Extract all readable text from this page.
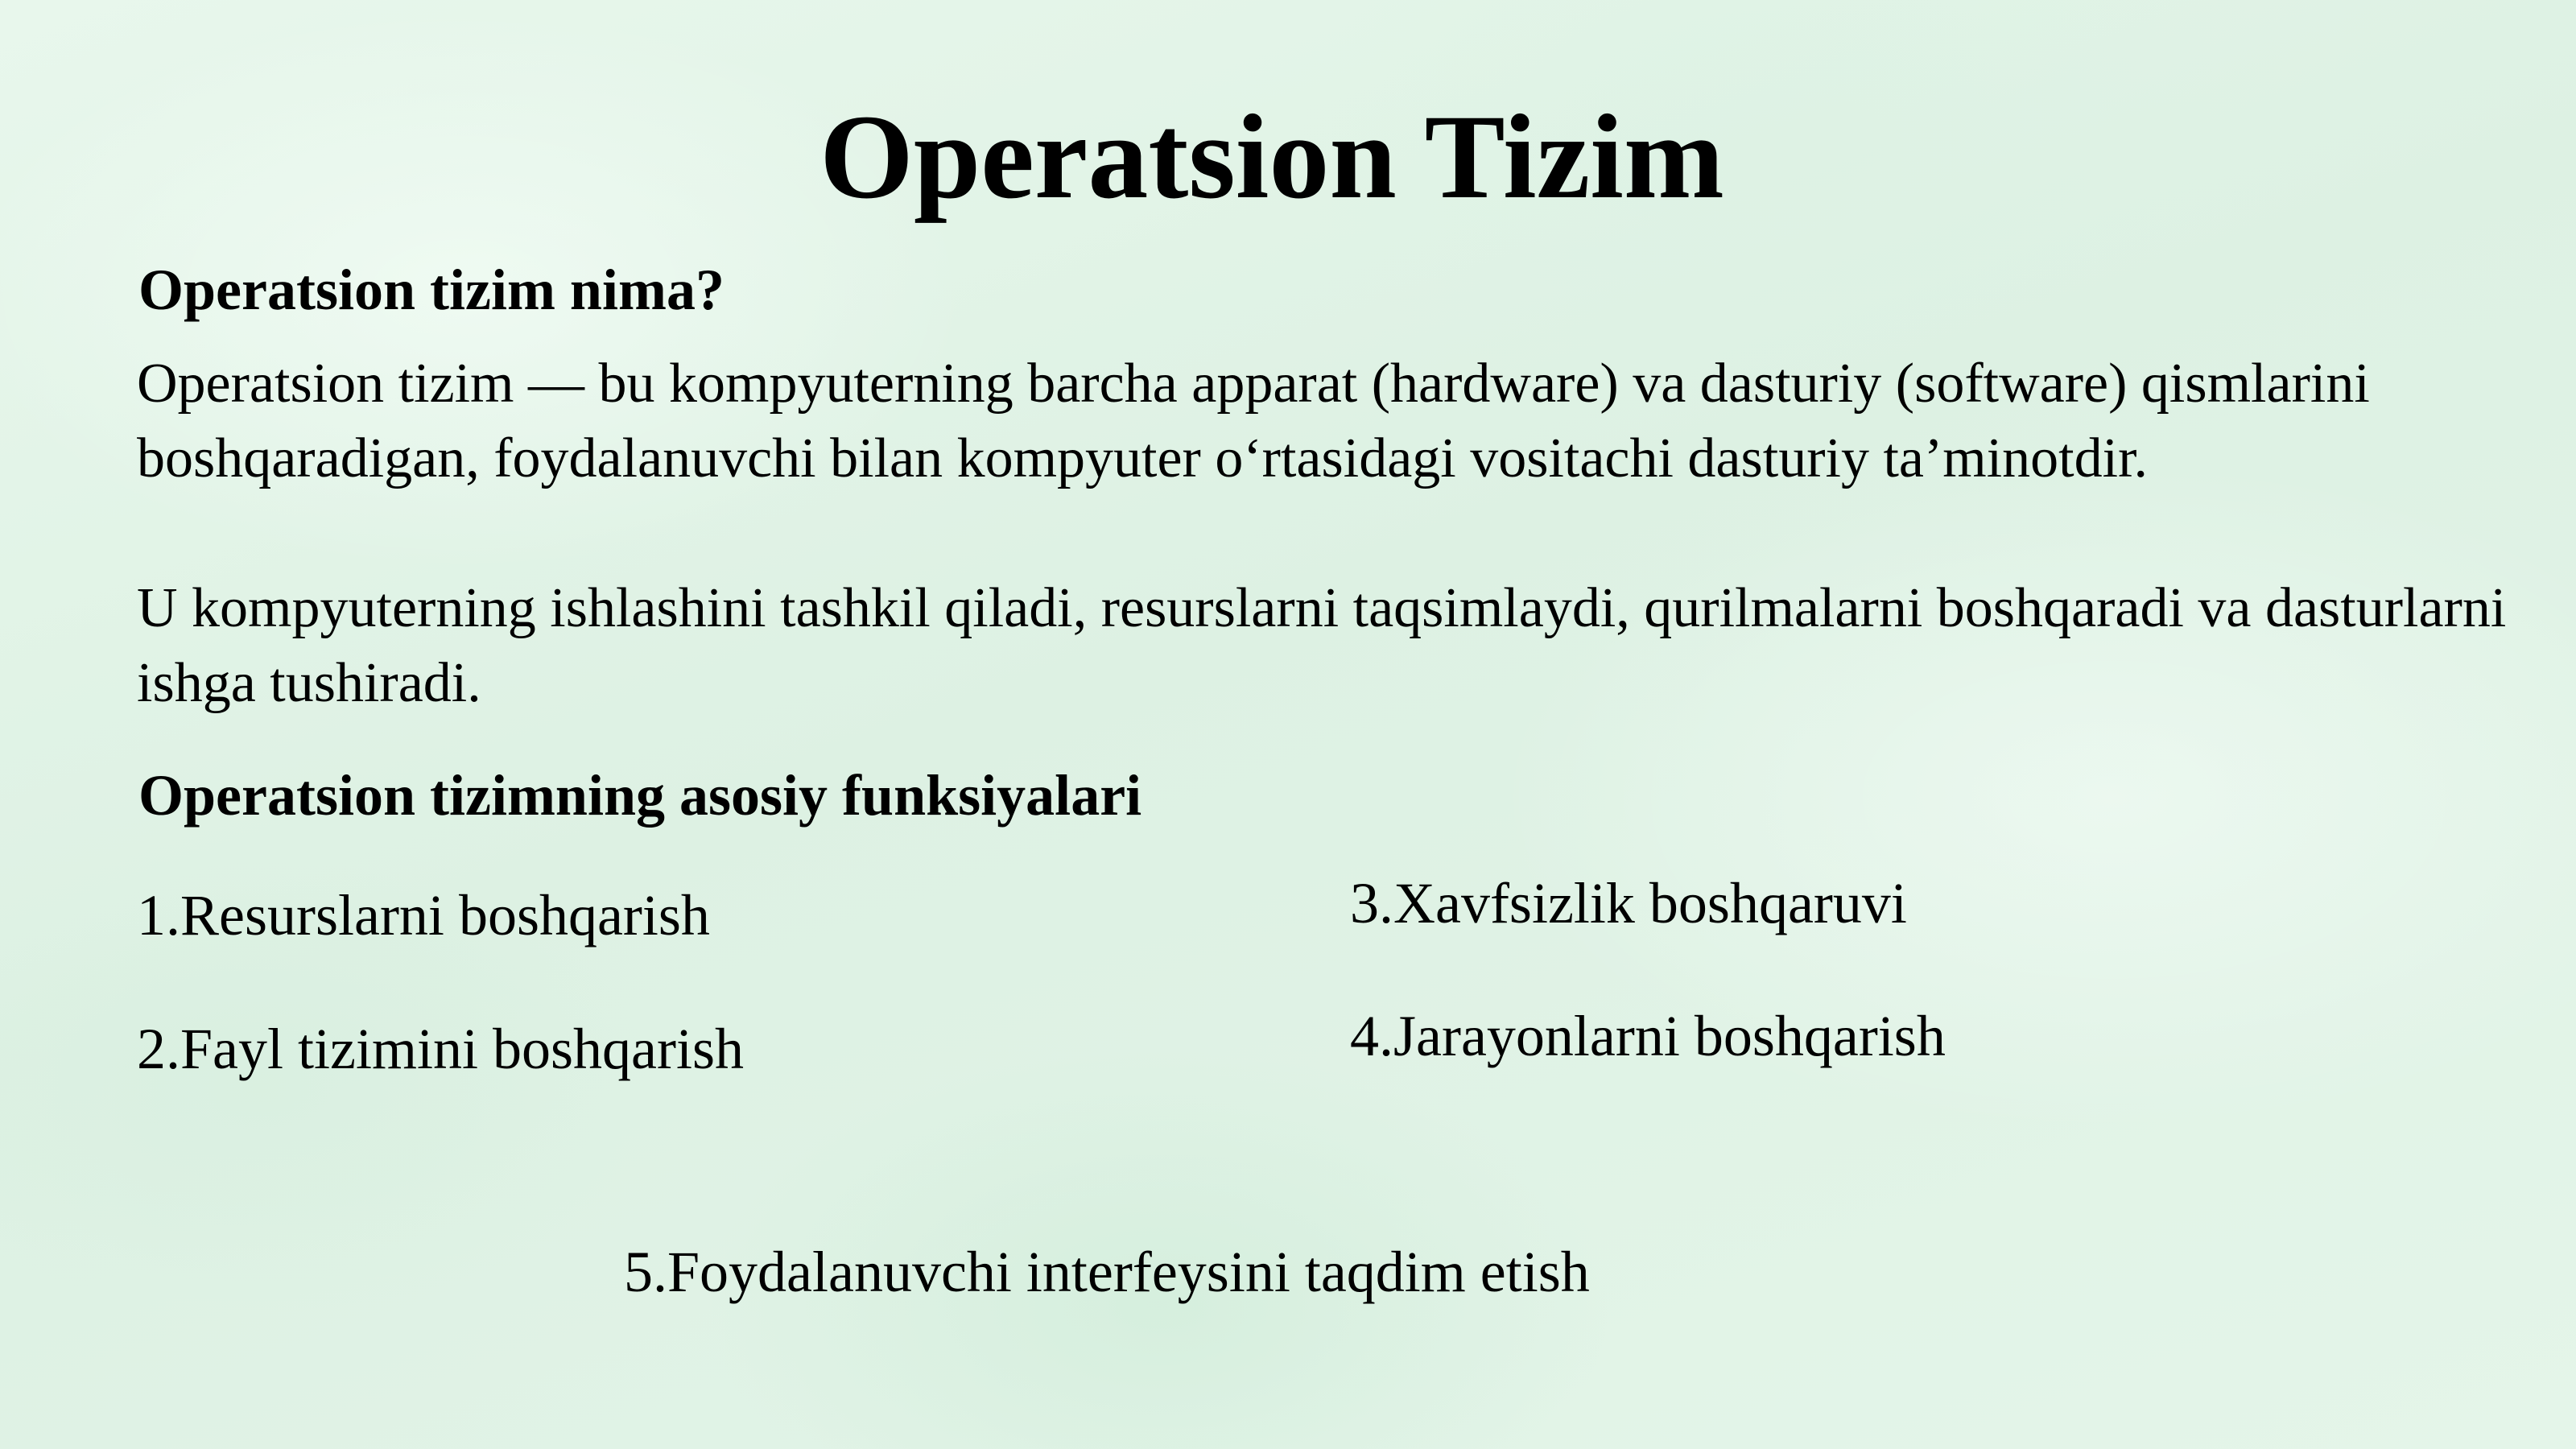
Operatsion Tizim
Operatsion tizim nima?

Operatsion tizim — bu kompyuterning barcha apparat (hardware) va dasturiy (software) qismlarini boshqaradigan, foydalanuvchi bilan kompyuter o‘rtasidagi vositachi dasturiy ta’minotdir.

U kompyuterning ishlashini tashkil qiladi, resurslarni taqsimlaydi, qurilmalarni boshqaradi va dasturlarni ishga tushiradi.

Operatsion tizimning asosiy funksiyalari
1.Resurslarni boshqarish
2.Fayl tizimini boshqarish
3.Xavfsizlik boshqaruvi
4.Jarayonlarni boshqarish
5.Foydalanuvchi interfeysini taqdim etish
